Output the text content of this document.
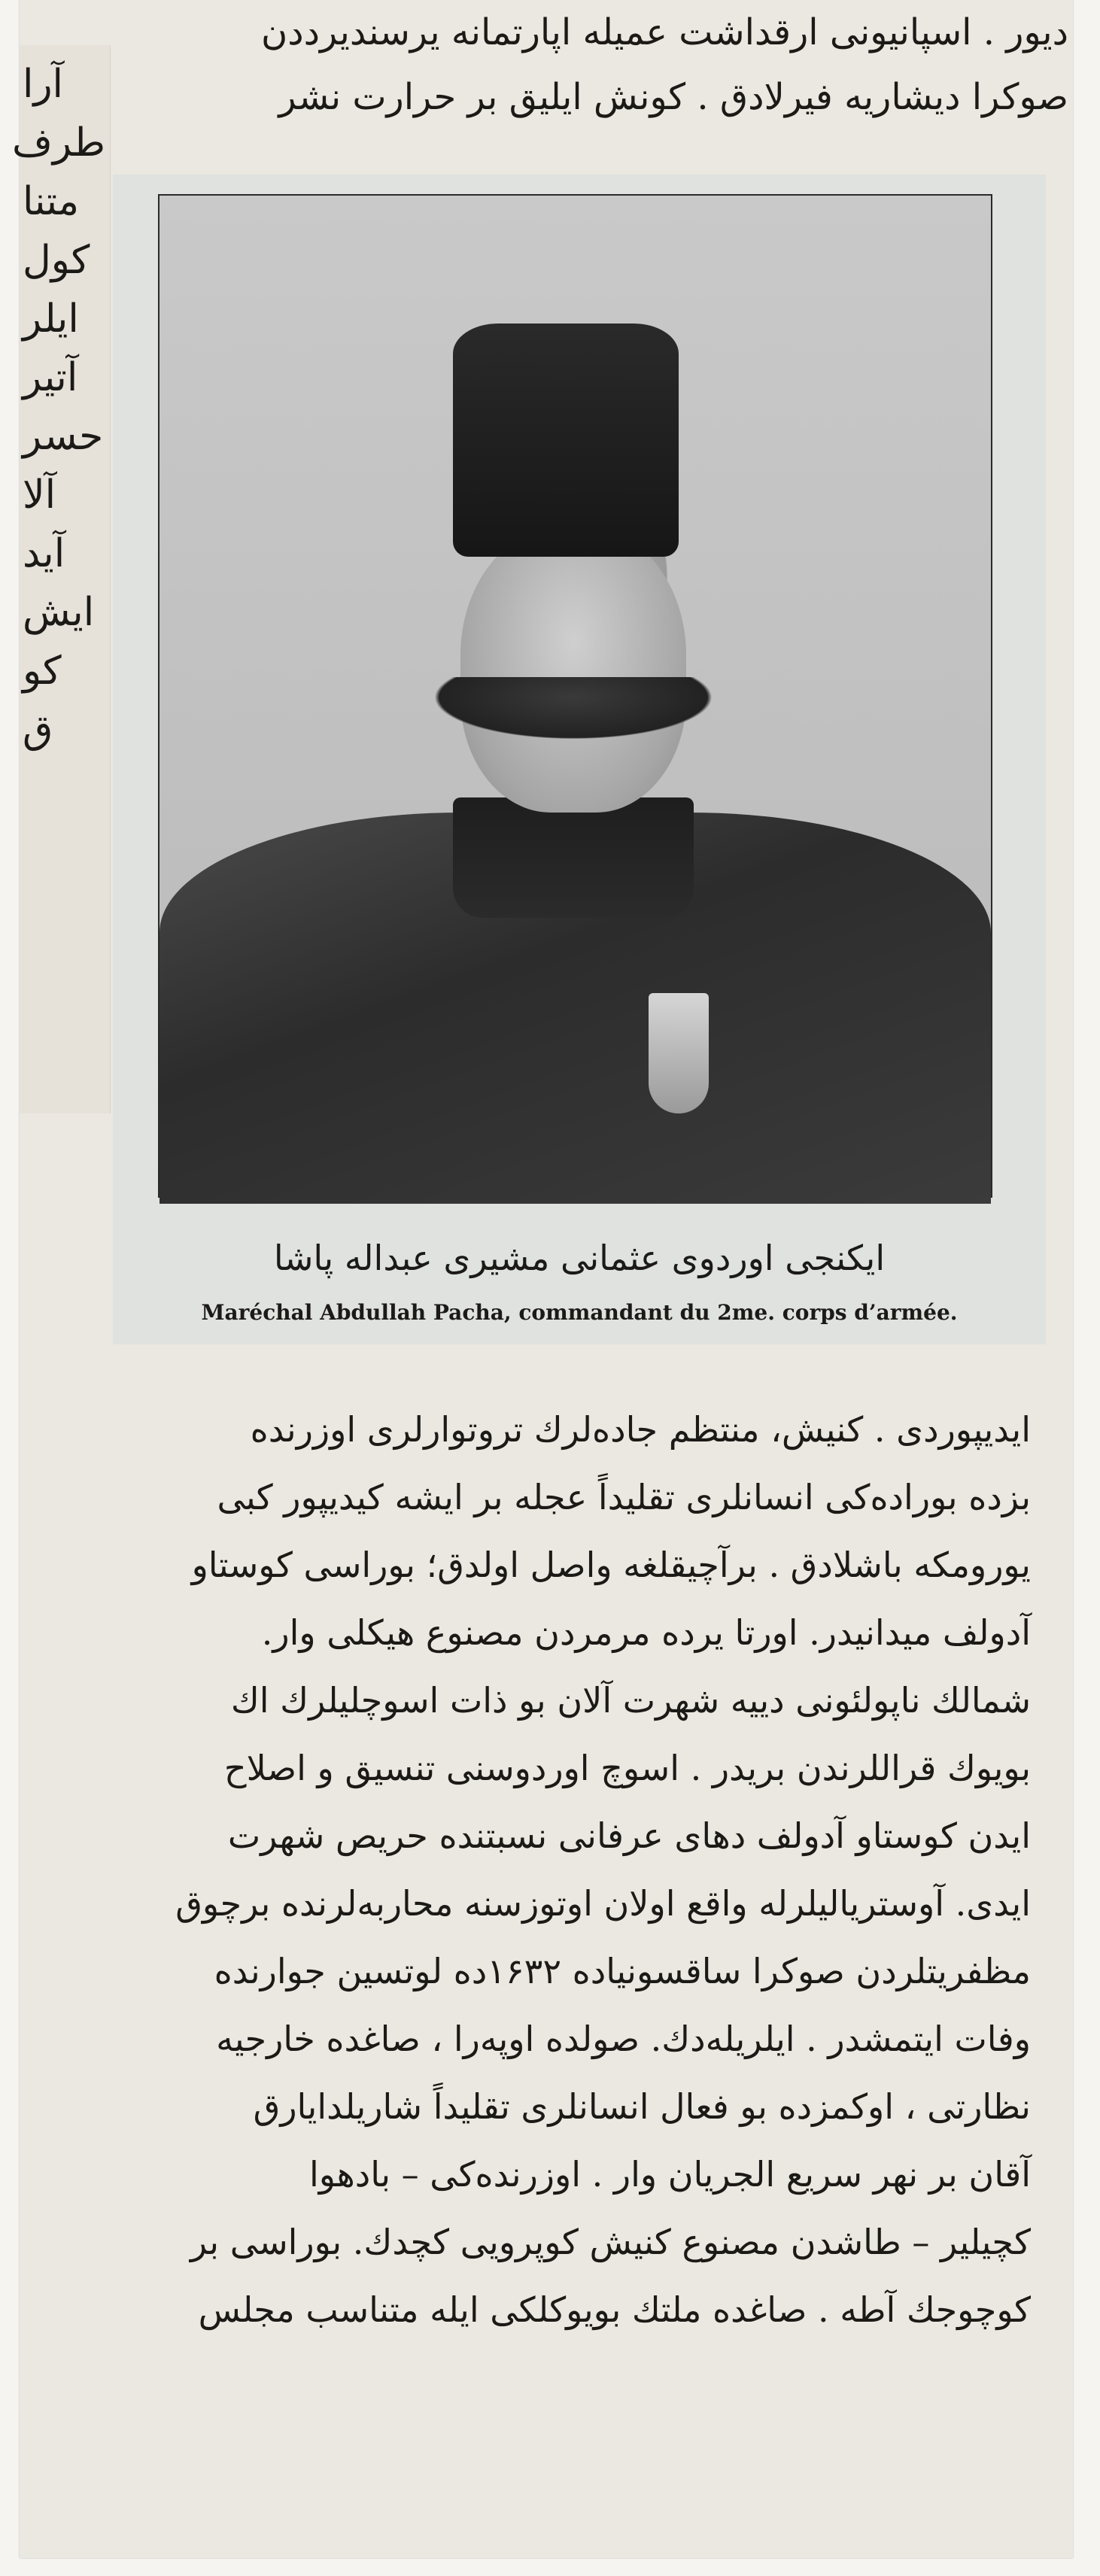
آرا
طرف
متنا
کول
ایلر
آتیر
حسر
آلا
آید
ایش
کو
ق
دیور . اسپانیونی ارقداشت عمیله اپارتمانه یرسندیرددن
صوکرا دیشاریه فیرلادق . کونش ایلیق بر حرارت نشر
ایکنجی اوردوی عثمانی مشیری عبداله پاشا
Maréchal Abdullah Pacha, commandant du 2me. corps d’armée.
ایدیپوردی . کنیش، منتظم جاده‌لرك تروتوارلری اوزرنده
بزده بوراده‌کی انسانلری تقلیداً عجله بر ایشه کیدیپور کبی
یورومکه باشلادق . برآچیقلغه واصل اولدق؛ بوراسی کوستاو
آدولف میدانیدر. اورتا یرده مرمردن مصنوع هیکلی وار.
شمالك ناپولئونی دییه شهرت آلان بو ذات اسوچلیلرك اك
بویوك قراللرندن بریدر . اسوچ اوردوسنی تنسیق و اصلاح
ایدن کوستاو آدولف دهای عرفانی نسبتنده حریص شهرت
ایدی. آوستریالیلرله واقع اولان اوتوزسنه محاربه‌لرنده برچوق
مظفریتلردن صوکرا ساقسونیاده ۱۶۳۲ده لوتسین جوارنده
وفات ایتمشدر . ایلریله‌دك. صولده اوپه‌را ، صاغده خارجیه
نظارتی ، اوکمزده بو فعال انسانلری تقلیداً شاریلدایارق
آقان بر نهر سریع الجریان وار . اوزرنده‌کی – بادهوا
کچیلیر – طاشدن مصنوع کنیش کوپرویی کچدك. بوراسی بر
کوچوجك آطه . صاغده ملتك بویوکلکی ایله متناسب مجلس
